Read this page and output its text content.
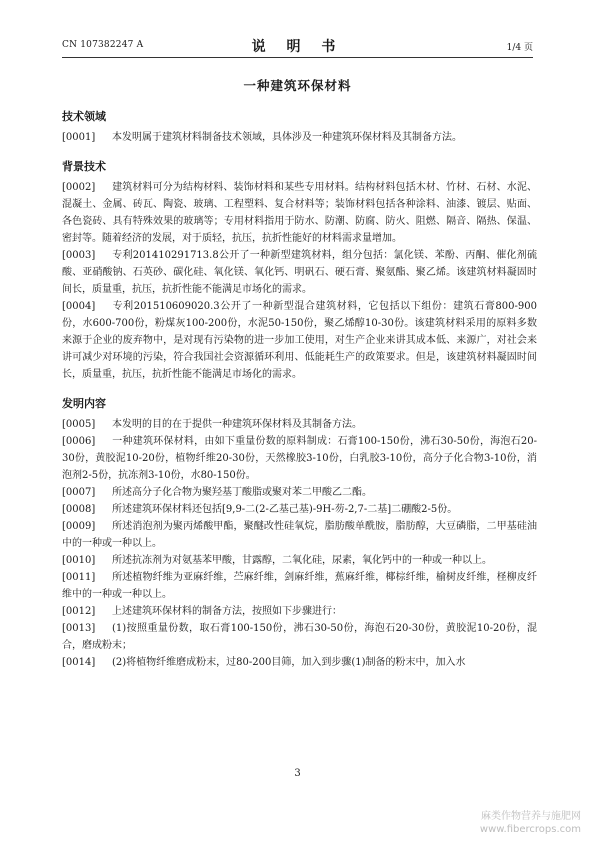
CN 107382247 A	说 明 书	1/4 页
一种建筑环保材料
技术领域

[0001] 本发明属于建筑材料制备技术领域，具体涉及一种建筑环保材料及其制备方法。

背景技术

[0002] 建筑材料可分为结构材料、装饰材料和某些专用材料。结构材料包括木材、竹材、石材、水泥、混凝土、金属、砖瓦、陶瓷、玻璃、工程塑料、复合材料等；装饰材料包括各种涂料、油漆、镀层、贴面、各色瓷砖、具有特殊效果的玻璃等；专用材料指用于防水、防潮、防腐、防火、阻燃、隔音、隔热、保温、密封等。随着经济的发展，对于质轻，抗压，抗折性能好的材料需求量增加。

[0003] 专利201410291713.8公开了一种新型建筑材料，组分包括：氯化镁、苯酚、丙酮、催化剂硫酸、亚硝酸钠、石英砂、碳化硅、氧化镁、氧化钙、明矾石、硬石膏、聚氨酯、聚乙烯。该建筑材料凝固时间长，质量重，抗压，抗折性能不能满足市场化的需求。

[0004] 专利201510609020.3公开了一种新型混合建筑材料，它包括以下组份：建筑石膏800-900份，水600-700份，粉煤灰100-200份，水泥50-150份，聚乙烯醇10-30份。该建筑材料采用的原料多数来源于企业的废弃物中，是对现有污染物的进一步加工使用，对生产企业来讲其成本低、来源广，对社会来讲可减少对环境的污染，符合我国社会资源循环利用、低能耗生产的政策要求。但是，该建筑材料凝固时间长，质量重，抗压，抗折性能不能满足市场化的需求。

发明内容

[0005] 本发明的目的在于提供一种建筑环保材料及其制备方法。

[0006] 一种建筑环保材料，由如下重量份数的原料制成：石膏100-150份，沸石30-50份，海泡石20-30份，黄胶泥10-20份，植物纤维20-30份，天然橡胶3-10份，白乳胶3-10份，高分子化合物3-10份，消泡剂2-5份，抗冻剂3-10份，水80-150份。

[0007] 所述高分子化合物为聚羟基丁酸脂或聚对苯二甲酸乙二酯。

[0008] 所述建筑环保材料还包括[9,9-二(2-乙基己基)-9H-芴-2,7-二基]二硼酸2-5份。

[0009] 所述消泡剂为聚丙烯酸甲酯，聚醚改性硅氧烷，脂肪酸单酰胺，脂肪醇，大豆磷脂，二甲基硅油中的一种或一种以上。

[0010] 所述抗冻剂为对氨基苯甲酸，甘露醇，二氧化硅，尿素，氧化钙中的一种或一种以上。

[0011] 所述植物纤维为亚麻纤维，苎麻纤维，剑麻纤维，蕉麻纤维，椰棕纤维，榆树皮纤维，柽柳皮纤维中的一种或一种以上。

[0012] 上述建筑环保材料的制备方法，按照如下步骤进行：

[0013] (1)按照重量份数，取石膏100-150份，沸石30-50份，海泡石20-30份，黄胶泥10-20份，混合，磨成粉末；

[0014] (2)将植物纤维磨成粉末，过80-200目筛，加入到步骤(1)制备的粉末中，加入水

3
麻类作物营养与施肥网
www.fibercrops.com
